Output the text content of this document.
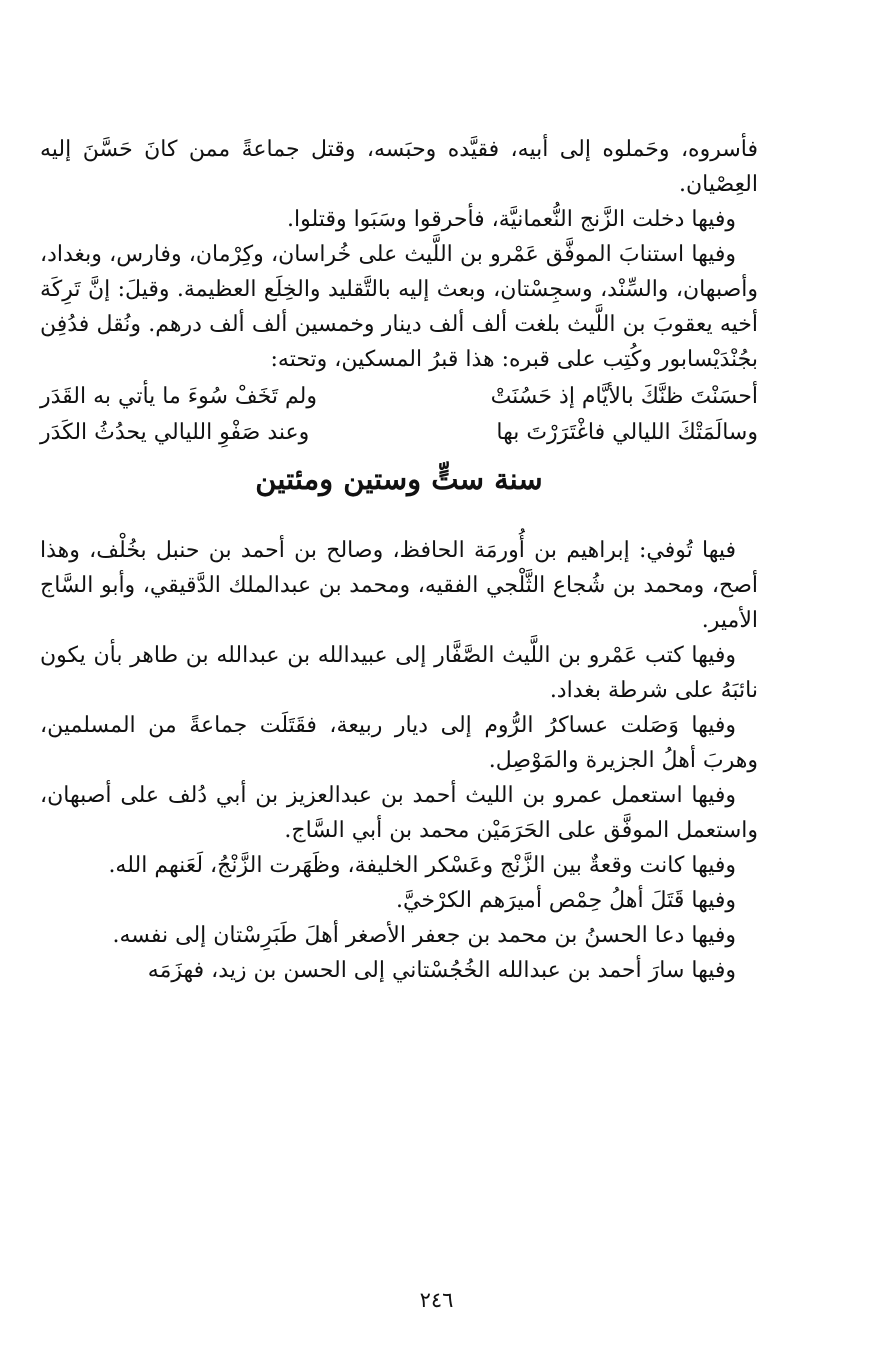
فأسروه، وحَملوه إلى أبيه، فقيَّده وحبَسه، وقتل جماعةً ممن كانَ حَسَّنَ إليه العِصْيان.

وفيها دخلت الزَّنج النُّعمانيَّة، فأحرقوا وسَبَوا وقتلوا.

وفيها استنابَ الموفَّق عَمْرو بن اللَّيث على خُراسان، وكِرْمان، وفارس، وبغداد، وأصبهان، والسِّنْد، وسجِسْتان، وبعث إليه بالتَّقليد والخِلَع العظيمة. وقيلَ: إنَّ تَرِكَة أخيه يعقوبَ بن اللَّيث بلغت ألف ألف دينار وخمسين ألف ألف درهم. ونُقل فدُفِن بجُنْدَيْسابور وكُتِب على قبره: هذا قبرُ المسكين، وتحته:

أحسَنْتَ ظنَّكَ بالأيَّام إذ حَسُنَتْ
ولم تَخَفْ سُوءَ ما يأتي به القَدَر
وسالَمَتْكَ الليالي فاغْتَرَرْتَ بها
وعند صَفْوِ الليالي يحدُثُ الكَدَر
سنة ستٍّ وستين ومئتين

فيها تُوفي: إبراهيم بن أُورمَة الحافظ، وصالح بن أحمد بن حنبل بخُلْف، وهذا أصح، ومحمد بن شُجاع الثَّلْجي الفقيه، ومحمد بن عبدالملك الدَّقيقي، وأبو السَّاج الأمير.

وفيها كتب عَمْرو بن اللَّيث الصَّفَّار إلى عبيدالله بن عبدالله بن طاهر بأن يكون نائبَهُ على شرطة بغداد.

وفيها وَصَلت عساكرُ الرُّوم إلى ديار ربيعة، فقَتَلَت جماعةً من المسلمين، وهربَ أهلُ الجزيرة والمَوْصِل.

وفيها استعمل عمرو بن الليث أحمد بن عبدالعزيز بن أبي دُلف على أصبهان، واستعمل الموفَّق على الحَرَمَيْن محمد بن أبي السَّاج.

وفيها كانت وقعةٌ بين الزَّنْج وعَسْكر الخليفة، وظَهَرت الزَّنْجُ، لَعَنهم الله.

وفيها قَتَلَ أهلُ حِمْص أميرَهم الكرْخيَّ.

وفيها دعا الحسنُ بن محمد بن جعفر الأصغر أهلَ طَبَرِسْتان إلى نفسه.

وفيها سارَ أحمد بن عبدالله الخُجُسْتاني إلى الحسن بن زيد، فهزَمَه

٢٤٦
